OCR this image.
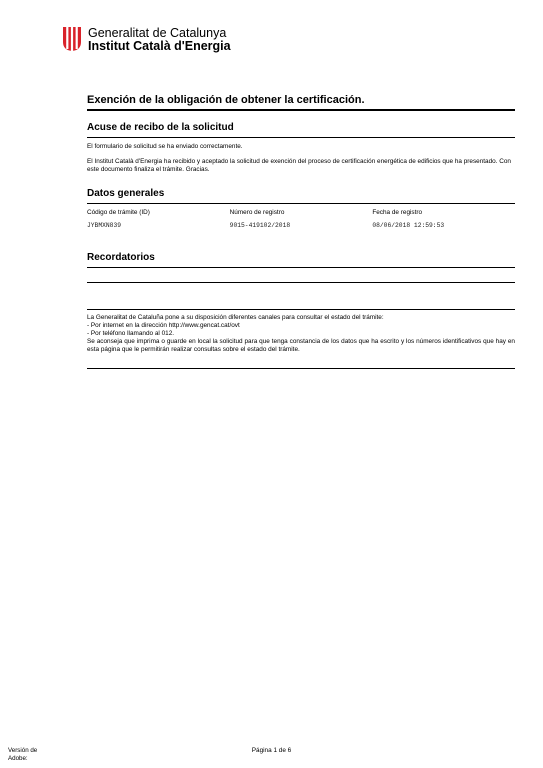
Generalitat de Catalunya
Institut Català d'Energia
Exención de la obligación de obtener la certificación.
Acuse de recibo de la solicitud

El formulario de solicitud se ha enviado correctamente.

El Institut Català d'Energia ha recibido y aceptado la solicitud de exención del proceso de certificación energética de edificios que ha presentado. Con este documento finaliza el trámite. Gracias.

Datos generales
Código de trámite (ID)	Número de registro	Fecha de registro
JYBMXN839	9015-419102/2018	08/06/2018 12:59:53
Recordatorios

La Generalitat de Cataluña pone a su disposición diferentes canales para consultar el estado del trámite:

- Por internet en la dirección http://www.gencat.cat/ovt

- Por teléfono llamando al 012.

Se aconseja que imprima o guarde en local la solicitud para que tenga constancia de los datos que ha escrito y los números identificativos que hay en esta página que le permitirán realizar consultas sobre el estado del trámite.

Versión de
Adobe:
Página 1 de 6
